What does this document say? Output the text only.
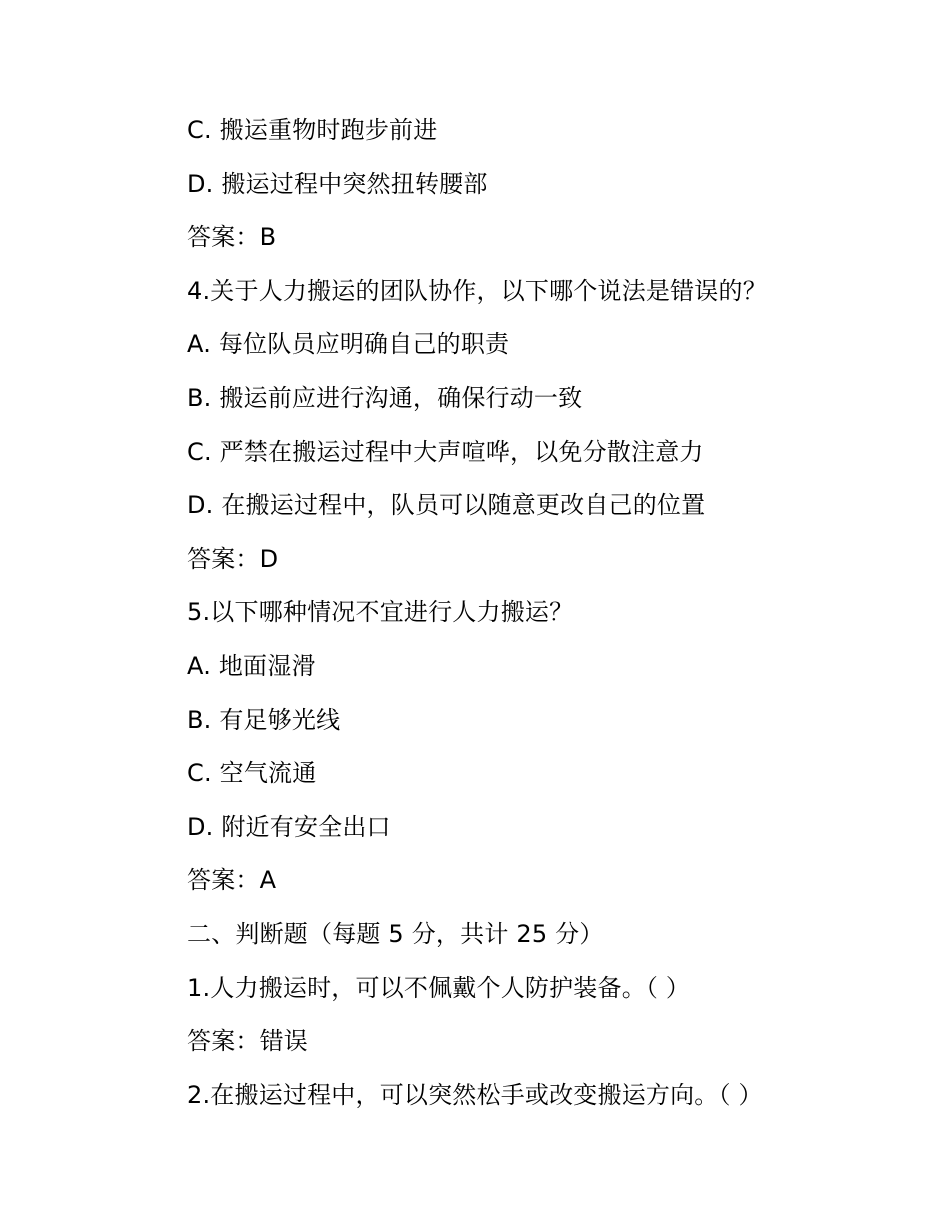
C. 搬运重物时跑步前进
D. 搬运过程中突然扭转腰部
答案：B
4.关于人力搬运的团队协作，以下哪个说法是错误的？
A. 每位队员应明确自己的职责
B. 搬运前应进行沟通，确保行动一致
C. 严禁在搬运过程中大声喧哗，以免分散注意力
D. 在搬运过程中，队员可以随意更改自己的位置
答案：D
5.以下哪种情况不宜进行人力搬运？
A. 地面湿滑
B. 有足够光线
C. 空气流通
D. 附近有安全出口
答案：A
二、判断题（每题 5 分，共计 25 分）
1.人力搬运时，可以不佩戴个人防护装备。（ ）
答案：错误
2.在搬运过程中，可以突然松手或改变搬运方向。（ ）
